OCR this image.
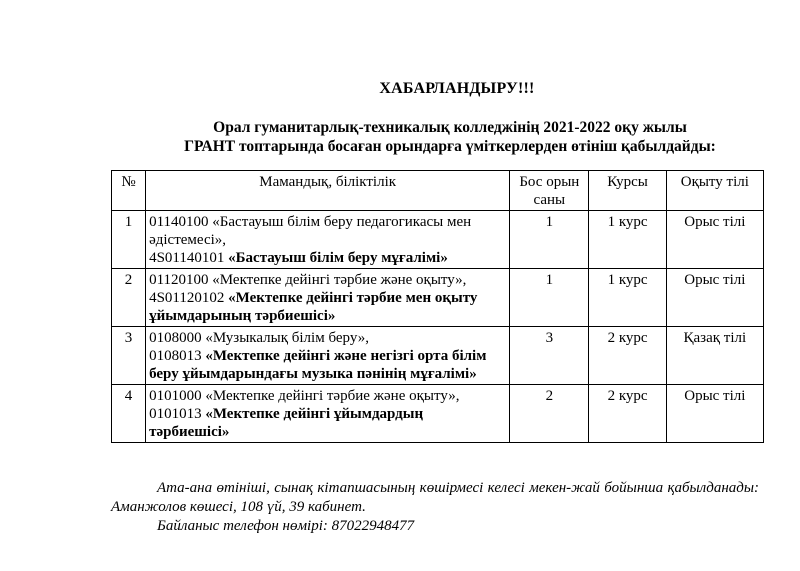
ХАБАРЛАНДЫРУ!!!
Орал гуманитарлық-техникалық колледжінің 2021-2022 оқу жылы
ГРАНТ топтарында босаған орындарға үміткерлерден өтініш қабылдайды:
№	Мамандық, біліктілік	Бос орын саны	Курсы	Оқыту тілі
1	01140100 «Бастауыш білім беру педагогикасы мен әдістемесі»,
4S01140101 «Бастауыш білім беру мұғалімі»	1	1 курс	Орыс тілі
2	01120100 «Мектепке дейінгі тәрбие және оқыту»,
4S01120102 «Мектепке дейінгі тәрбие мен оқыту ұйымдарының тәрбиешісі»	1	1 курс	Орыс тілі
3	0108000 «Музыкалық білім беру»,
0108013 «Мектепке дейінгі және негізгі орта білім беру ұйымдарындағы музыка пәнінің мұғалімі»	3	2 курс	Қазақ тілі
4	0101000 «Мектепке дейінгі тәрбие және оқыту»,
0101013 «Мектепке дейінгі ұйымдардың тәрбиешісі»	2	2 курс	Орыс тілі

Ата-ана өтініші, сынақ кітапшасының көшірмесі келесі мекен-жай бойынша қабылданады: Аманжолов көшесі, 108 үй, 39 кабинет.

Байланыс телефон нөмірі: 87022948477
